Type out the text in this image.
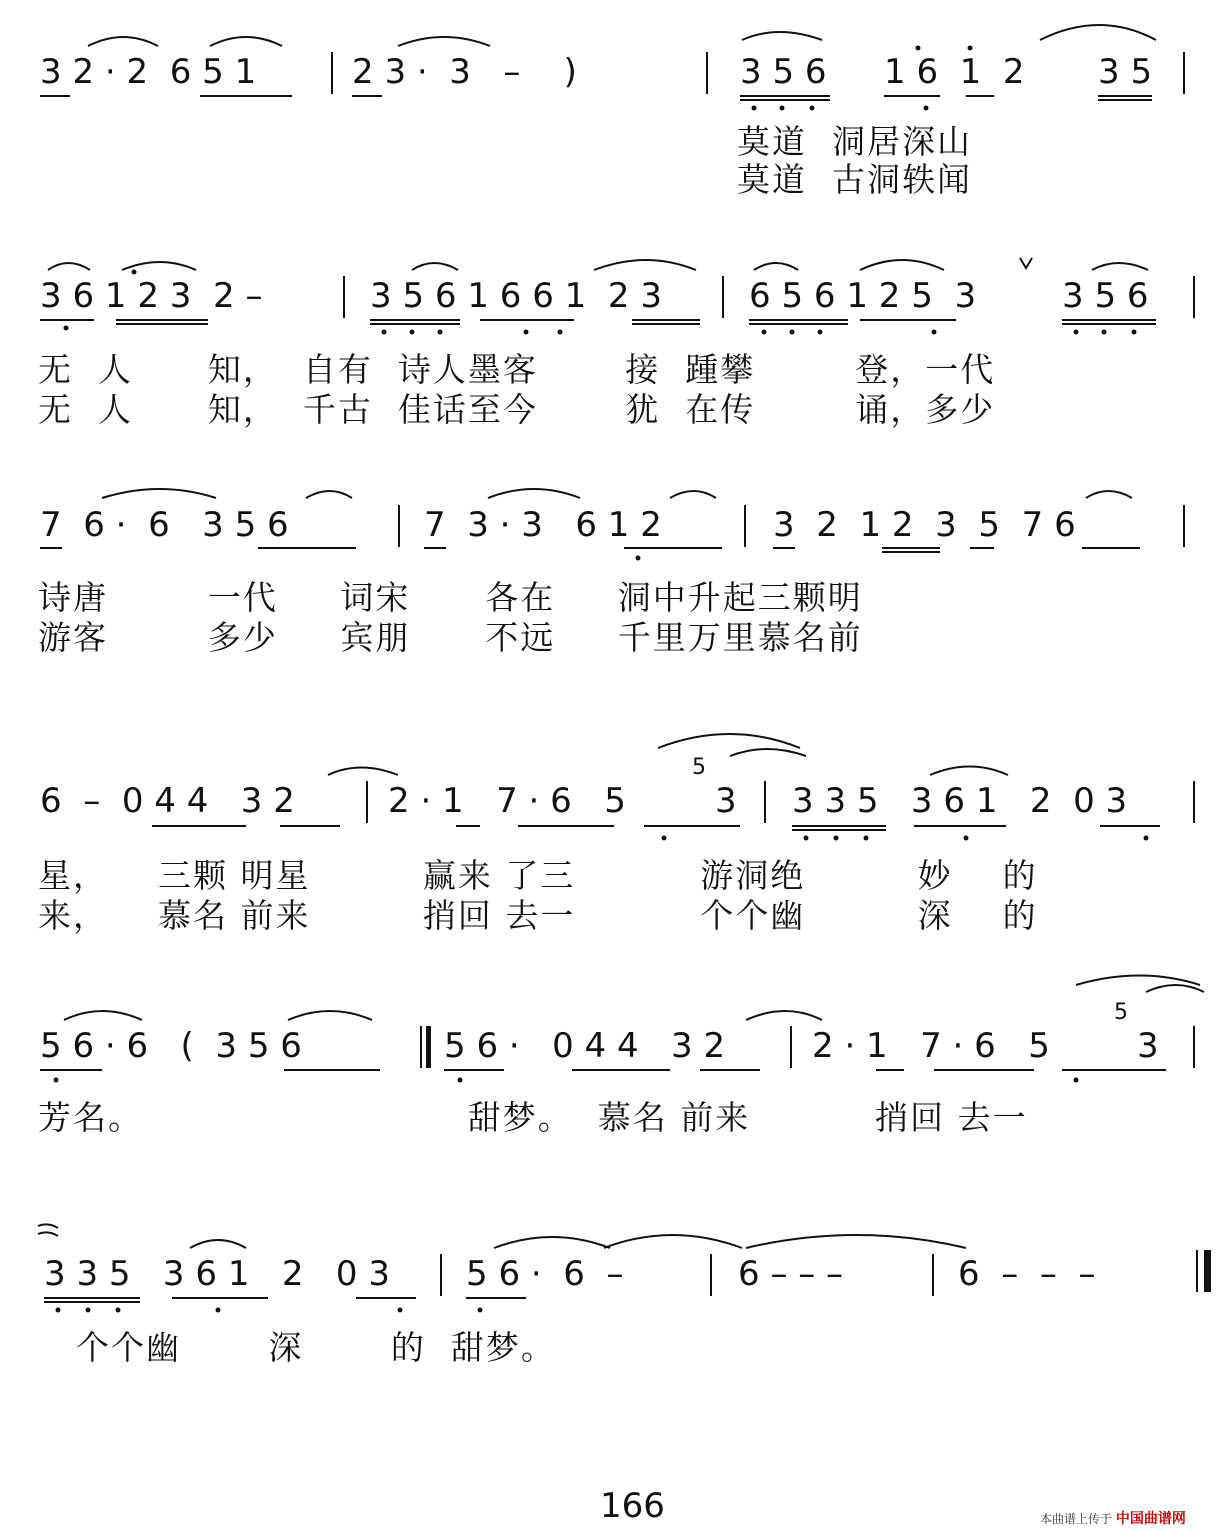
3 2 · 2  6 5 1	2 3 ·  3   –    )	3 5 6 1 6  1  2 3 5
莫道  洞居深山
莫道  古洞轶闻
3 6 1 2 3  2 –	3 5 6 1 6 6 1  2 3	6 5 6 1 2 5  3	3 5 6
无  人      知，  自有  诗人墨客       接  踵攀        登，一代
无  人      知，  千古  佳话至今       犹  在传        诵，多少
7  6 ·  6   3 5 6	7  3 · 3   6 1 2	3  2  1 2  3  5  7 6
诗唐        一代     词宋      各在     洞中升起三颗明
游客        多少     宾朋      不远     千里万里慕名前
6  –  0 4 4   3 2	2 · 1   7 · 6   5
5
3 3 3 5   3 6 1   2  0 3
星，    三颗 明星         赢来 了三          游洞绝         妙    的
来，    慕名 前来         捎回 去一          个个幽         深    的
5 6 · 6   (  3 5 6	5 6 ·   0 4 4   3 2	2 · 1   7 · 6   5
5
3
芳名。                          甜梦。  慕名 前来          捎回 去一
3 3 5   3 6 1   2   0 3 5 6 ·  6  –	6 – – –	6  –  –  –
个个幽       深       的  甜梦。
166	本曲谱上传于 中国曲谱网
